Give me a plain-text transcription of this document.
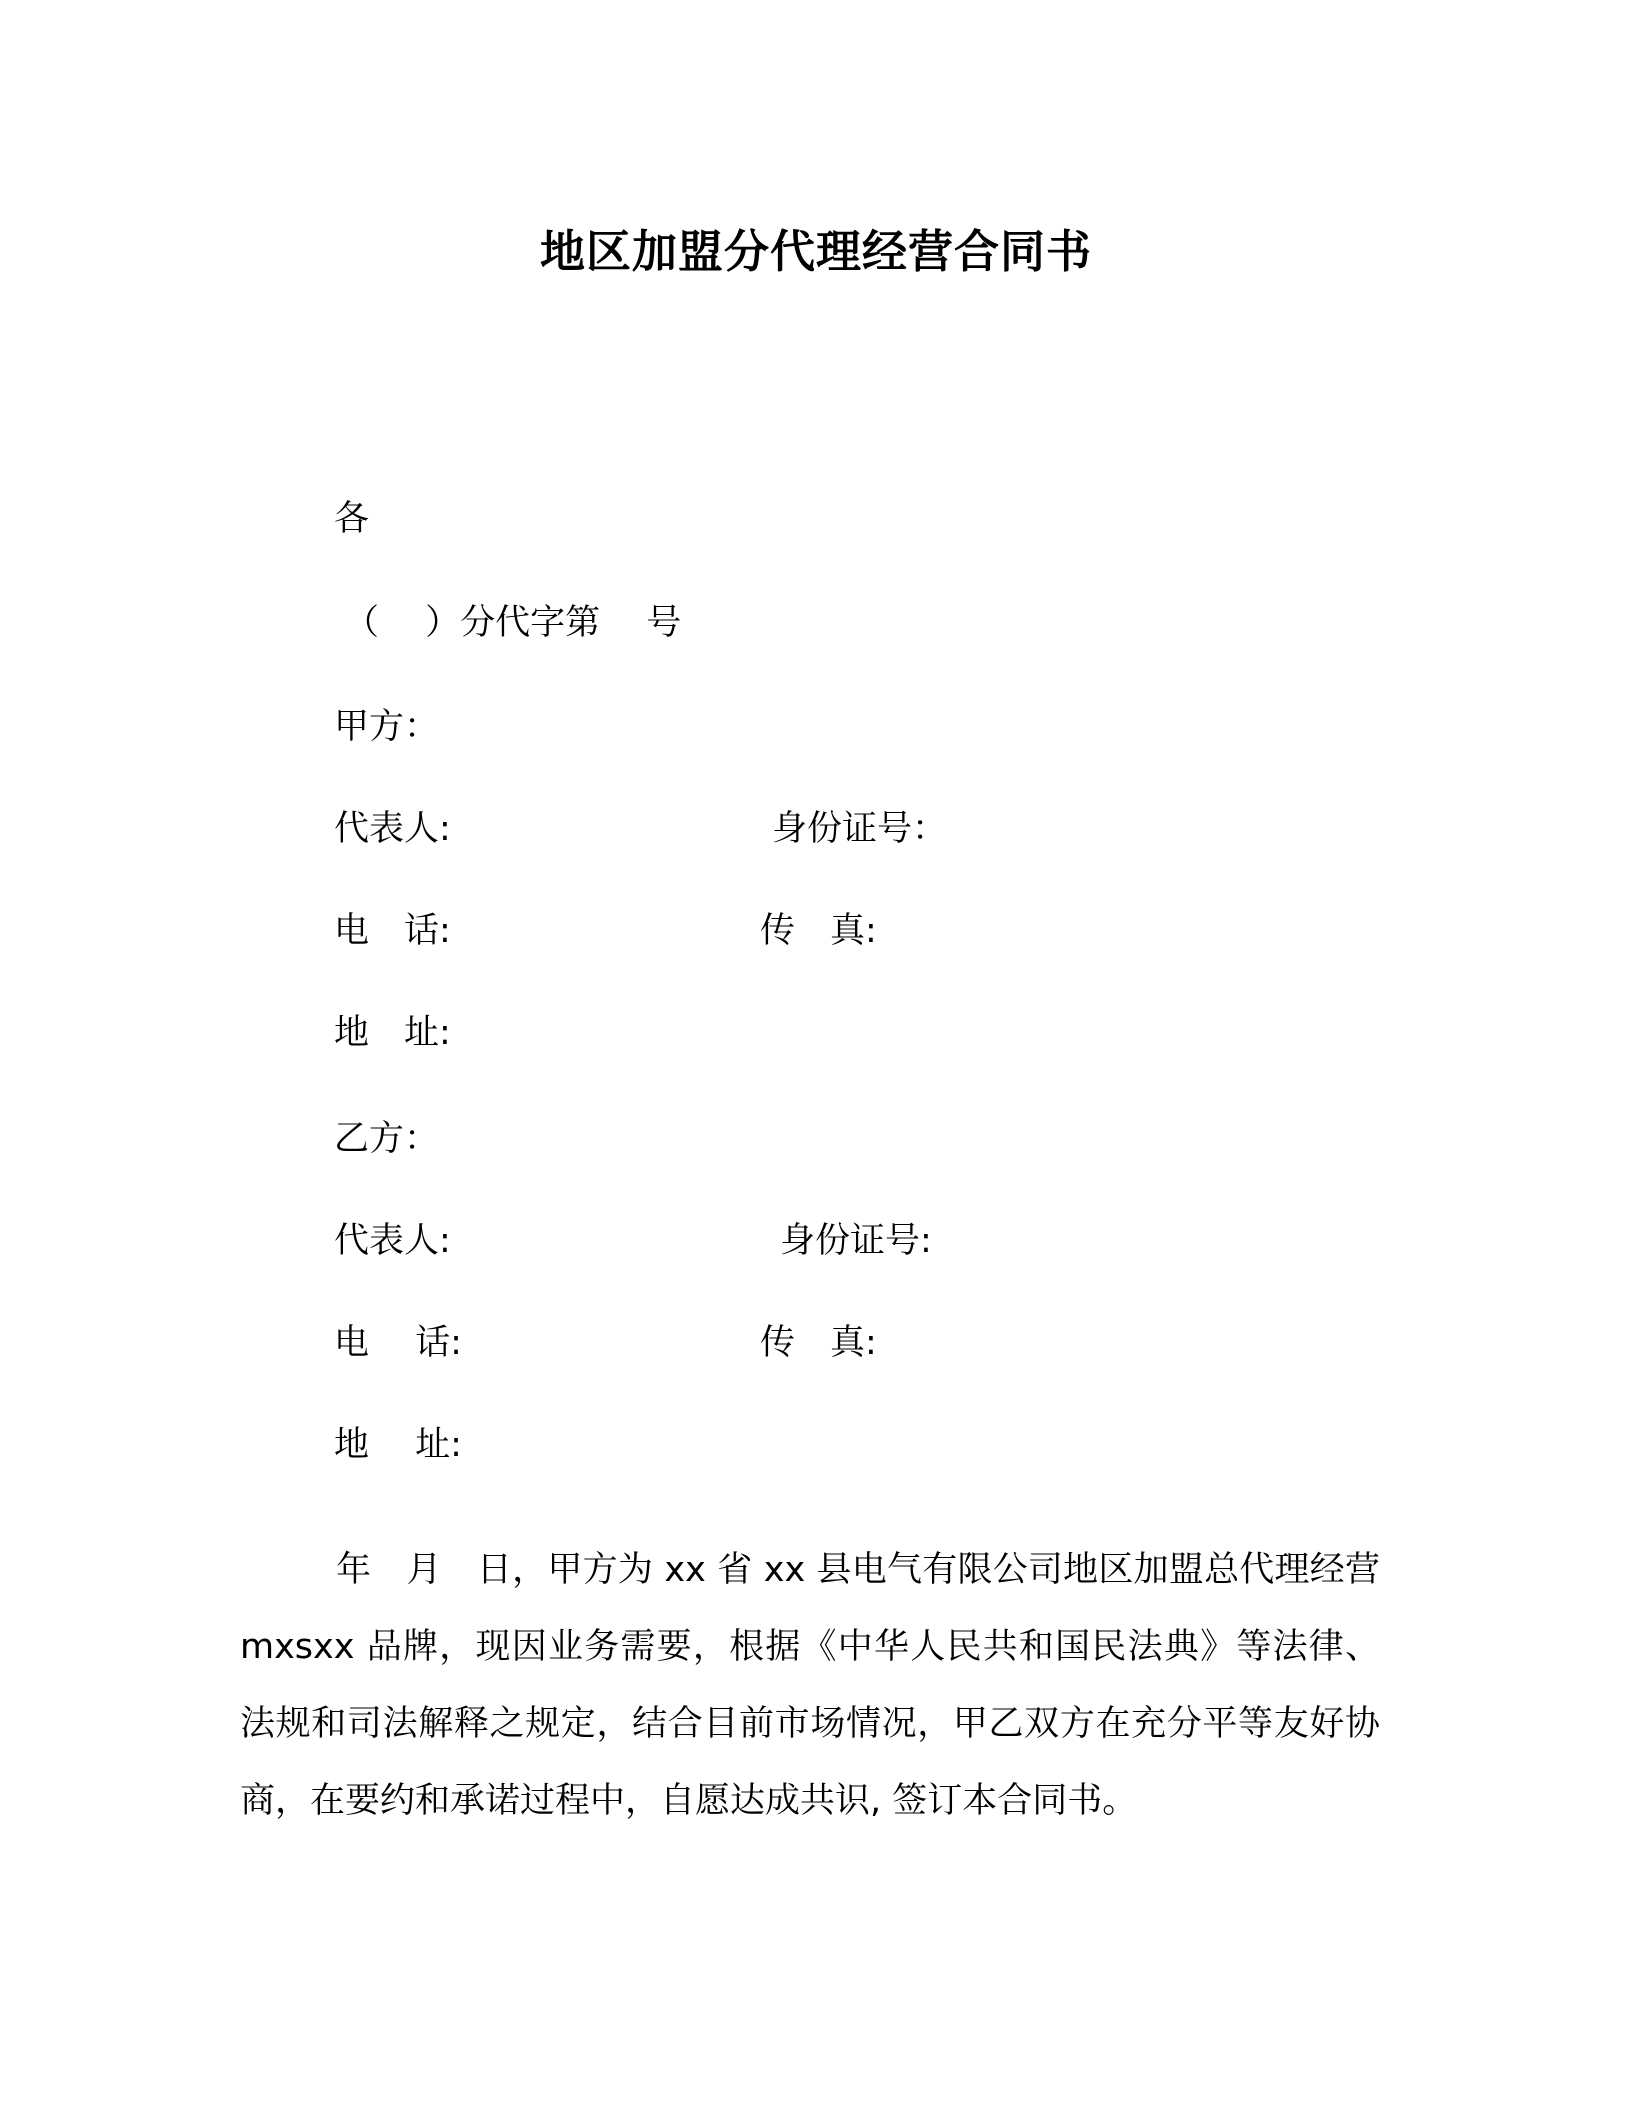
地区加盟分代理经营合同书
各
（　 ）分代字第　 号
甲方：
代表人:	身份证号：
电　话:	传　真:
地　址:
乙方：
代表人:	身份证号:
电　 话:	传　真:
地　 址:
年　月　日，甲方为 xx 省 xx 县电气有限公司地区加盟总代理经营 mxsxx 品牌，现因业务需要，根据《中华人民共和国民法典》等法律、法规和司法解释之规定，结合目前市场情况，甲乙双方在充分平等友好协商，在要约和承诺过程中，自愿达成共识, 签订本合同书。
